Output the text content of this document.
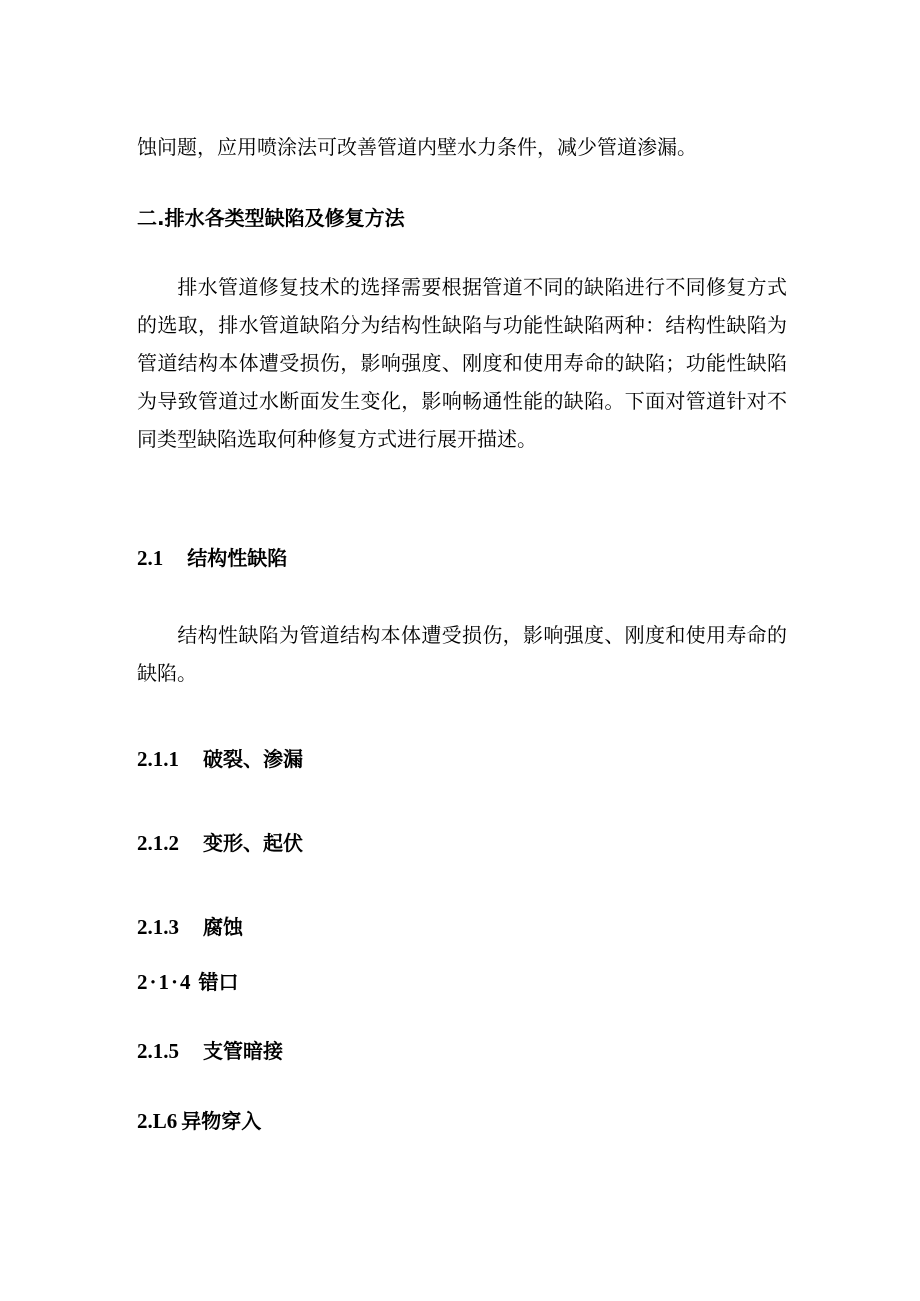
蚀问题，应用喷涂法可改善管道内壁水力条件，减少管道渗漏。

二.排水各类型缺陷及修复方法

排水管道修复技术的选择需要根据管道不同的缺陷进行不同修复方式的选取，排水管道缺陷分为结构性缺陷与功能性缺陷两种：结构性缺陷为管道结构本体遭受损伤，影响强度、刚度和使用寿命的缺陷；功能性缺陷为导致管道过水断面发生变化，影响畅通性能的缺陷。下面对管道针对不同类型缺陷选取何种修复方式进行展开描述。

2.1 结构性缺陷

结构性缺陷为管道结构本体遭受损伤，影响强度、刚度和使用寿命的缺陷。

2.1.1 破裂、渗漏
2.1.2 变形、起伏
2.1.3 腐蚀
2·1·4 错口
2.1.5 支管暗接
2.L6 异物穿入
